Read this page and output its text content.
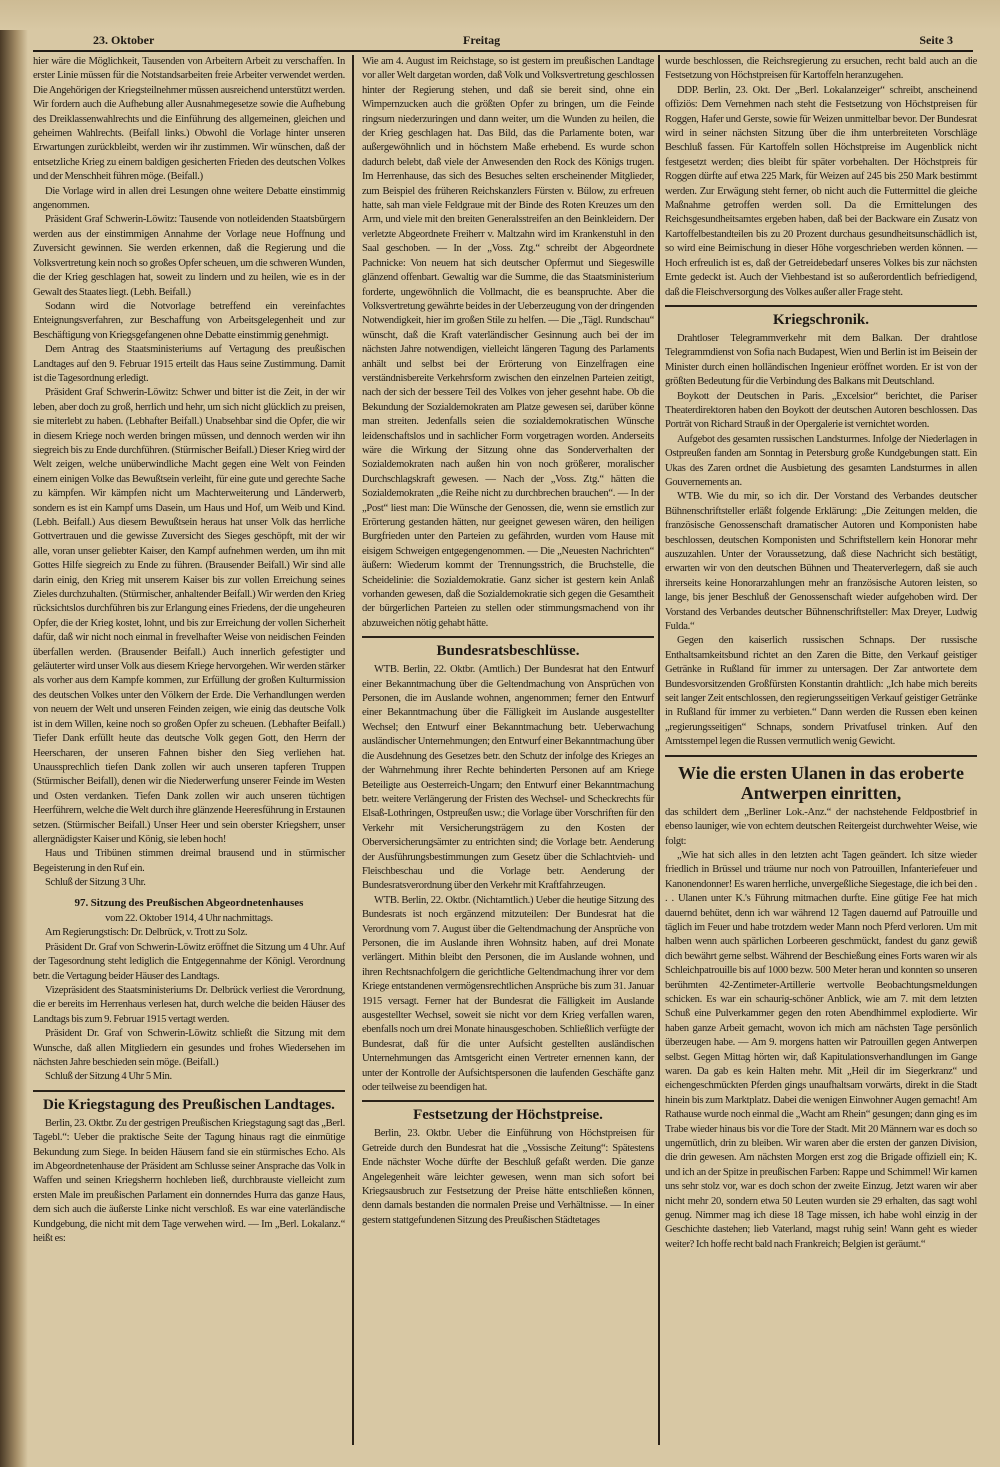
23. Oktober	Freitag	Seite 3

hier wäre die Möglichkeit, Tausenden von Arbeitern Arbeit zu verschaffen. In erster Linie müssen für die Notstandsarbeiten freie Arbeiter verwendet werden. Die Angehörigen der Kriegsteilnehmer müssen ausreichend unterstützt werden. Wir fordern auch die Aufhebung aller Ausnahmegesetze sowie die Aufhebung des Dreiklassenwahlrechts und die Einführung des allgemeinen, gleichen und geheimen Wahlrechts. (Beifall links.) Obwohl die Vorlage hinter unseren Erwartungen zurückbleibt, werden wir ihr zustimmen. Wir wünschen, daß der entsetzliche Krieg zu einem baldigen gesicherten Frieden des deutschen Volkes und der Menschheit führen möge. (Beifall.)

Die Vorlage wird in allen drei Lesungen ohne weitere Debatte einstimmig angenommen.

Präsident Graf Schwerin-Löwitz: Tausende von notleidenden Staatsbürgern werden aus der einstimmigen Annahme der Vorlage neue Hoffnung und Zuversicht gewinnen. Sie werden erkennen, daß die Regierung und die Volksvertretung kein noch so großes Opfer scheuen, um die schweren Wunden, die der Krieg geschlagen hat, soweit zu lindern und zu heilen, wie es in der Gewalt des Staates liegt. (Lebh. Beifall.)

Sodann wird die Notvorlage betreffend ein vereinfachtes Enteignungsverfahren, zur Beschaffung von Arbeitsgelegenheit und zur Beschäftigung von Kriegsgefangenen ohne Debatte einstimmig genehmigt.

Dem Antrag des Staatsministeriums auf Vertagung des preußischen Landtages auf den 9. Februar 1915 erteilt das Haus seine Zustimmung. Damit ist die Tagesordnung erledigt.

Präsident Graf Schwerin-Löwitz: Schwer und bitter ist die Zeit, in der wir leben, aber doch zu groß, herrlich und hehr, um sich nicht glücklich zu preisen, sie miterlebt zu haben. (Lebhafter Beifall.) Unabsehbar sind die Opfer, die wir in diesem Kriege noch werden bringen müssen, und dennoch werden wir ihn siegreich bis zu Ende durchführen. (Stürmischer Beifall.) Dieser Krieg wird der Welt zeigen, welche unüberwindliche Macht gegen eine Welt von Feinden einem einigen Volke das Bewußtsein verleiht, für eine gute und gerechte Sache zu kämpfen. Wir kämpfen nicht um Machterweiterung und Länderwerb, sondern es ist ein Kampf ums Dasein, um Haus und Hof, um Weib und Kind. (Lebh. Beifall.) Aus diesem Bewußtsein heraus hat unser Volk das herrliche Gottvertrauen und die gewisse Zuversicht des Sieges geschöpft, mit der wir alle, voran unser geliebter Kaiser, den Kampf aufnehmen werden, um ihn mit Gottes Hilfe siegreich zu Ende zu führen. (Brausender Beifall.) Wir sind alle darin einig, den Krieg mit unserem Kaiser bis zur vollen Erreichung seines Zieles durchzuhalten. (Stürmischer, anhaltender Beifall.) Wir werden den Krieg rücksichtslos durchführen bis zur Erlangung eines Friedens, der die ungeheuren Opfer, die der Krieg kostet, lohnt, und bis zur Erreichung der vollen Sicherheit dafür, daß wir nicht noch einmal in frevelhafter Weise von neidischen Feinden überfallen werden. (Brausender Beifall.) Auch innerlich gefestigter und geläuterter wird unser Volk aus diesem Kriege hervorgehen. Wir werden stärker als vorher aus dem Kampfe kommen, zur Erfüllung der großen Kulturmission des deutschen Volkes unter den Völkern der Erde. Die Verhandlungen werden von neuem der Welt und unseren Feinden zeigen, wie einig das deutsche Volk ist in dem Willen, keine noch so großen Opfer zu scheuen. (Lebhafter Beifall.) Tiefer Dank erfüllt heute das deutsche Volk gegen Gott, den Herrn der Heerscharen, der unseren Fahnen bisher den Sieg verliehen hat. Unaussprechlich tiefen Dank zollen wir auch unseren tapferen Truppen (Stürmischer Beifall), denen wir die Niederwerfung unserer Feinde im Westen und Osten verdanken. Tiefen Dank zollen wir auch unseren tüchtigen Heerführern, welche die Welt durch ihre glänzende Heeresführung in Erstaunen setzen. (Stürmischer Beifall.) Unser Heer und sein oberster Kriegsherr, unser allergnädigster Kaiser und König, sie leben hoch!

Haus und Tribünen stimmen dreimal brausend und in stürmischer Begeisterung in den Ruf ein.

Schluß der Sitzung 3 Uhr.

97. Sitzung des Preußischen Abgeordnetenhauses

vom 22. Oktober 1914, 4 Uhr nachmittags.

Am Regierungstisch: Dr. Delbrück, v. Trott zu Solz.

Präsident Dr. Graf von Schwerin-Löwitz eröffnet die Sitzung um 4 Uhr. Auf der Tagesordnung steht lediglich die Entgegennahme der Königl. Verordnung betr. die Vertagung beider Häuser des Landtags.

Vizepräsident des Staatsministeriums Dr. Delbrück verliest die Verordnung, die er bereits im Herrenhaus verlesen hat, durch welche die beiden Häuser des Landtags bis zum 9. Februar 1915 vertagt werden.

Präsident Dr. Graf von Schwerin-Löwitz schließt die Sitzung mit dem Wunsche, daß allen Mitgliedern ein gesundes und frohes Wiedersehen im nächsten Jahre beschieden sein möge. (Beifall.)

Schluß der Sitzung 4 Uhr 5 Min.

Die Kriegstagung des Preußischen Landtages.

Berlin, 23. Oktbr. Zu der gestrigen Preußischen Kriegstagung sagt das „Berl. Tagebl.“: Ueber die praktische Seite der Tagung hinaus ragt die einmütige Bekundung zum Siege. In beiden Häusern fand sie ein stürmisches Echo. Als im Abgeordnetenhause der Präsident am Schlusse seiner Ansprache das Volk in Waffen und seinen Kriegsherrn hochleben ließ, durchbrauste vielleicht zum ersten Male im preußischen Parlament ein donnerndes Hurra das ganze Haus, dem sich auch die äußerste Linke nicht verschloß. Es war eine vaterländische Kundgebung, die nicht mit dem Tage verwehen wird. — Im „Berl. Lokalanz.“ heißt es:

Wie am 4. August im Reichstage, so ist gestern im preußischen Landtage vor aller Welt dargetan worden, daß Volk und Volksvertretung geschlossen hinter der Regierung stehen, und daß sie bereit sind, ohne ein Wimpernzucken auch die größten Opfer zu bringen, um die Feinde ringsum niederzuringen und dann weiter, um die Wunden zu heilen, die der Krieg geschlagen hat. Das Bild, das die Parlamente boten, war außergewöhnlich und in höchstem Maße erhebend. Es wurde schon dadurch belebt, daß viele der Anwesenden den Rock des Königs trugen. Im Herrenhause, das sich des Besuches selten erscheinender Mitglieder, zum Beispiel des früheren Reichskanzlers Fürsten v. Bülow, zu erfreuen hatte, sah man viele Feldgraue mit der Binde des Roten Kreuzes um den Arm, und viele mit den breiten Generalsstreifen an den Beinkleidern. Der verletzte Abgeordnete Freiherr v. Maltzahn wird im Krankenstuhl in den Saal geschoben. — In der „Voss. Ztg.“ schreibt der Abgeordnete Pachnicke: Von neuem hat sich deutscher Opfermut und Siegeswille glänzend offenbart. Gewaltig war die Summe, die das Staatsministerium forderte, ungewöhnlich die Vollmacht, die es beanspruchte. Aber die Volksvertretung gewährte beides in der Ueberzeugung von der dringenden Notwendigkeit, hier im großen Stile zu helfen. — Die „Tägl. Rundschau“ wünscht, daß die Kraft vaterländischer Gesinnung auch bei der im nächsten Jahre notwendigen, vielleicht längeren Tagung des Parlaments anhält und selbst bei der Erörterung von Einzelfragen eine verständnisbereite Verkehrsform zwischen den einzelnen Parteien zeitigt, nach der sich der bessere Teil des Volkes von jeher gesehnt habe. Ob die Bekundung der Sozialdemokraten am Platze gewesen sei, darüber könne man streiten. Jedenfalls seien die sozialdemokratischen Wünsche leidenschaftslos und in sachlicher Form vorgetragen worden. Anderseits wäre die Wirkung der Sitzung ohne das Sonderverhalten der Sozialdemokraten nach außen hin von noch größerer, moralischer Durchschlagskraft gewesen. — Nach der „Voss. Ztg.“ hätten die Sozialdemokraten „die Reihe nicht zu durchbrechen brauchen“. — In der „Post“ liest man: Die Wünsche der Genossen, die, wenn sie ernstlich zur Erörterung gestanden hätten, nur geeignet gewesen wären, den heiligen Burgfrieden unter den Parteien zu gefährden, wurden vom Hause mit eisigem Schweigen entgegengenommen. — Die „Neuesten Nachrichten“ äußern: Wiederum kommt der Trennungsstrich, die Bruchstelle, die Scheidelinie: die Sozialdemokratie. Ganz sicher ist gestern kein Anlaß vorhanden gewesen, daß die Sozialdemokratie sich gegen die Gesamtheit der bürgerlichen Parteien zu stellen oder stimmungsmachend von ihr abzuweichen nötig gehabt hätte.

Bundesratsbeschlüsse.

WTB. Berlin, 22. Oktbr. (Amtlich.) Der Bundesrat hat den Entwurf einer Bekanntmachung über die Geltendmachung von Ansprüchen von Personen, die im Auslande wohnen, angenommen; ferner den Entwurf einer Bekanntmachung über die Fälligkeit im Auslande ausgestellter Wechsel; den Entwurf einer Bekanntmachung betr. Ueberwachung ausländischer Unternehmungen; den Entwurf einer Bekanntmachung über die Ausdehnung des Gesetzes betr. den Schutz der infolge des Krieges an der Wahrnehmung ihrer Rechte behinderten Personen auf am Kriege Beteiligte aus Oesterreich-Ungarn; den Entwurf einer Bekanntmachung betr. weitere Verlängerung der Fristen des Wechsel- und Scheckrechts für Elsaß-Lothringen, Ostpreußen usw.; die Vorlage über Vorschriften für den Verkehr mit Versicherungsträgern zu den Kosten der Oberversicherungsämter zu entrichten sind; die Vorlage betr. Aenderung der Ausführungsbestimmungen zum Gesetz über die Schlachtvieh- und Fleischbeschau und die Vorlage betr. Aenderung der Bundesratsverordnung über den Verkehr mit Kraftfahrzeugen.

WTB. Berlin, 22. Oktbr. (Nichtamtlich.) Ueber die heutige Sitzung des Bundesrats ist noch ergänzend mitzuteilen: Der Bundesrat hat die Verordnung vom 7. August über die Geltendmachung der Ansprüche von Personen, die im Auslande ihren Wohnsitz haben, auf drei Monate verlängert. Mithin bleibt den Personen, die im Auslande wohnen, und ihren Rechtsnachfolgern die gerichtliche Geltendmachung ihrer vor dem Kriege entstandenen vermögensrechtlichen Ansprüche bis zum 31. Januar 1915 versagt. Ferner hat der Bundesrat die Fälligkeit im Auslande ausgestellter Wechsel, soweit sie nicht vor dem Krieg verfallen waren, ebenfalls noch um drei Monate hinausgeschoben. Schließlich verfügte der Bundesrat, daß für die unter Aufsicht gestellten ausländischen Unternehmungen das Amtsgericht einen Vertreter ernennen kann, der unter der Kontrolle der Aufsichtspersonen die laufenden Geschäfte ganz oder teilweise zu beendigen hat.

Festsetzung der Höchstpreise.

Berlin, 23. Oktbr. Ueber die Einführung von Höchstpreisen für Getreide durch den Bundesrat hat die „Vossische Zeitung“: Spätestens Ende nächster Woche dürfte der Beschluß gefaßt werden. Die ganze Angelegenheit wäre leichter gewesen, wenn man sich sofort bei Kriegsausbruch zur Festsetzung der Preise hätte entschließen können, denn damals bestanden die normalen Preise und Verhältnisse. — In einer gestern stattgefundenen Sitzung des Preußischen Städtetages

wurde beschlossen, die Reichsregierung zu ersuchen, recht bald auch an die Festsetzung von Höchstpreisen für Kartoffeln heranzugehen.

DDP. Berlin, 23. Okt. Der „Berl. Lokalanzeiger“ schreibt, anscheinend offiziös: Dem Vernehmen nach steht die Festsetzung von Höchstpreisen für Roggen, Hafer und Gerste, sowie für Weizen unmittelbar bevor. Der Bundesrat wird in seiner nächsten Sitzung über die ihm unterbreiteten Vorschläge Beschluß fassen. Für Kartoffeln sollen Höchstpreise im Augenblick nicht festgesetzt werden; dies bleibt für später vorbehalten. Der Höchstpreis für Roggen dürfte auf etwa 225 Mark, für Weizen auf 245 bis 250 Mark bestimmt werden. Zur Erwägung steht ferner, ob nicht auch die Futtermittel die gleiche Maßnahme getroffen werden soll. Da die Ermittelungen des Reichsgesundheitsamtes ergeben haben, daß bei der Backware ein Zusatz von Kartoffelbestandteilen bis zu 20 Prozent durchaus gesundheitsunschädlich ist, so wird eine Beimischung in dieser Höhe vorgeschrieben werden können. — Hoch erfreulich ist es, daß der Getreidebedarf unseres Volkes bis zur nächsten Ernte gedeckt ist. Auch der Viehbestand ist so außerordentlich befriedigend, daß die Fleischversorgung des Volkes außer aller Frage steht.

Kriegschronik.

Drahtloser Telegrammverkehr mit dem Balkan. Der drahtlose Telegrammdienst von Sofia nach Budapest, Wien und Berlin ist im Beisein der Minister durch einen holländischen Ingenieur eröffnet worden. Er ist von der größten Bedeutung für die Verbindung des Balkans mit Deutschland.

Boykott der Deutschen in Paris. „Excelsior“ berichtet, die Pariser Theaterdirektoren haben den Boykott der deutschen Autoren beschlossen. Das Porträt von Richard Strauß in der Opergalerie ist vernichtet worden.

Aufgebot des gesamten russischen Landsturmes. Infolge der Niederlagen in Ostpreußen fanden am Sonntag in Petersburg große Kundgebungen statt. Ein Ukas des Zaren ordnet die Ausbietung des gesamten Landsturmes in allen Gouvernements an.

WTB. Wie du mir, so ich dir. Der Vorstand des Verbandes deutscher Bühnenschriftsteller erläßt folgende Erklärung: „Die Zeitungen melden, die französische Genossenschaft dramatischer Autoren und Komponisten habe beschlossen, deutschen Komponisten und Schriftstellern kein Honorar mehr auszuzahlen. Unter der Voraussetzung, daß diese Nachricht sich bestätigt, erwarten wir von den deutschen Bühnen und Theaterverlegern, daß sie auch ihrerseits keine Honorarzahlungen mehr an französische Autoren leisten, so lange, bis jener Beschluß der Genossenschaft wieder aufgehoben wird. Der Vorstand des Verbandes deutscher Bühnenschriftsteller: Max Dreyer, Ludwig Fulda.“

Gegen den kaiserlich russischen Schnaps. Der russische Enthaltsamkeitsbund richtet an den Zaren die Bitte, den Verkauf geistiger Getränke in Rußland für immer zu untersagen. Der Zar antwortete dem Bundesvorsitzenden Großfürsten Konstantin drahtlich: „Ich habe mich bereits seit langer Zeit entschlossen, den regierungsseitigen Verkauf geistiger Getränke in Rußland für immer zu verbieten.“ Dann werden die Russen eben keinen „regierungsseitigen“ Schnaps, sondern Privatfusel trinken. Auf den Amtsstempel legen die Russen vermutlich wenig Gewicht.

Wie die ersten Ulanen in das eroberte Antwerpen einritten,

das schildert dem „Berliner Lok.-Anz.“ der nachstehende Feldpostbrief in ebenso launiger, wie von echtem deutschen Reitergeist durchwehter Weise, wie folgt:

„Wie hat sich alles in den letzten acht Tagen geändert. Ich sitze wieder friedlich in Brüssel und träume nur noch von Patrouillen, Infanteriefeuer und Kanonendonner! Es waren herrliche, unvergeßliche Siegestage, die ich bei den . . . Ulanen unter K.'s Führung mitmachen durfte. Eine gütige Fee hat mich dauernd behütet, denn ich war während 12 Tagen dauernd auf Patrouille und täglich im Feuer und habe trotzdem weder Mann noch Pferd verloren. Um mit halben wenn auch spärlichen Lorbeeren geschmückt, fandest du ganz gewiß dich bewährt gerne selbst. Während der Beschießung eines Forts waren wir als Schleichpatrouille bis auf 1000 bezw. 500 Meter heran und konnten so unseren berühmten 42-Zentimeter-Artillerie wertvolle Beobachtungsmeldungen schicken. Es war ein schaurig-schöner Anblick, wie am 7. mit dem letzten Schuß eine Pulverkammer gegen den roten Abendhimmel explodierte. Wir haben ganze Arbeit gemacht, wovon ich mich am nächsten Tage persönlich überzeugen habe. — Am 9. morgens hatten wir Patrouillen gegen Antwerpen selbst. Gegen Mittag hörten wir, daß Kapitulationsverhandlungen im Gange waren. Da gab es kein Halten mehr. Mit „Heil dir im Siegerkranz“ und eichengeschmückten Pferden gings unaufhaltsam vorwärts, direkt in die Stadt hinein bis zum Marktplatz. Dabei die wenigen Einwohner Augen gemacht! Am Rathause wurde noch einmal die „Wacht am Rhein“ gesungen; dann ging es im Trabe wieder hinaus bis vor die Tore der Stadt. Mit 20 Männern war es doch so ungemütlich, drin zu bleiben. Wir waren aber die ersten der ganzen Division, die drin gewesen. Am nächsten Morgen erst zog die Brigade offiziell ein; K. und ich an der Spitze in preußischen Farben: Rappe und Schimmel! Wir kamen uns sehr stolz vor, war es doch schon der zweite Einzug. Jetzt waren wir aber nicht mehr 20, sondern etwa 50 Leuten wurden sie 29 erhalten, das sagt wohl genug. Nimmer mag ich diese 18 Tage missen, ich habe wohl einzig in der Geschichte dastehen; lieb Vaterland, magst ruhig sein! Wann geht es wieder weiter? Ich hoffe recht bald nach Frankreich; Belgien ist geräumt.“
